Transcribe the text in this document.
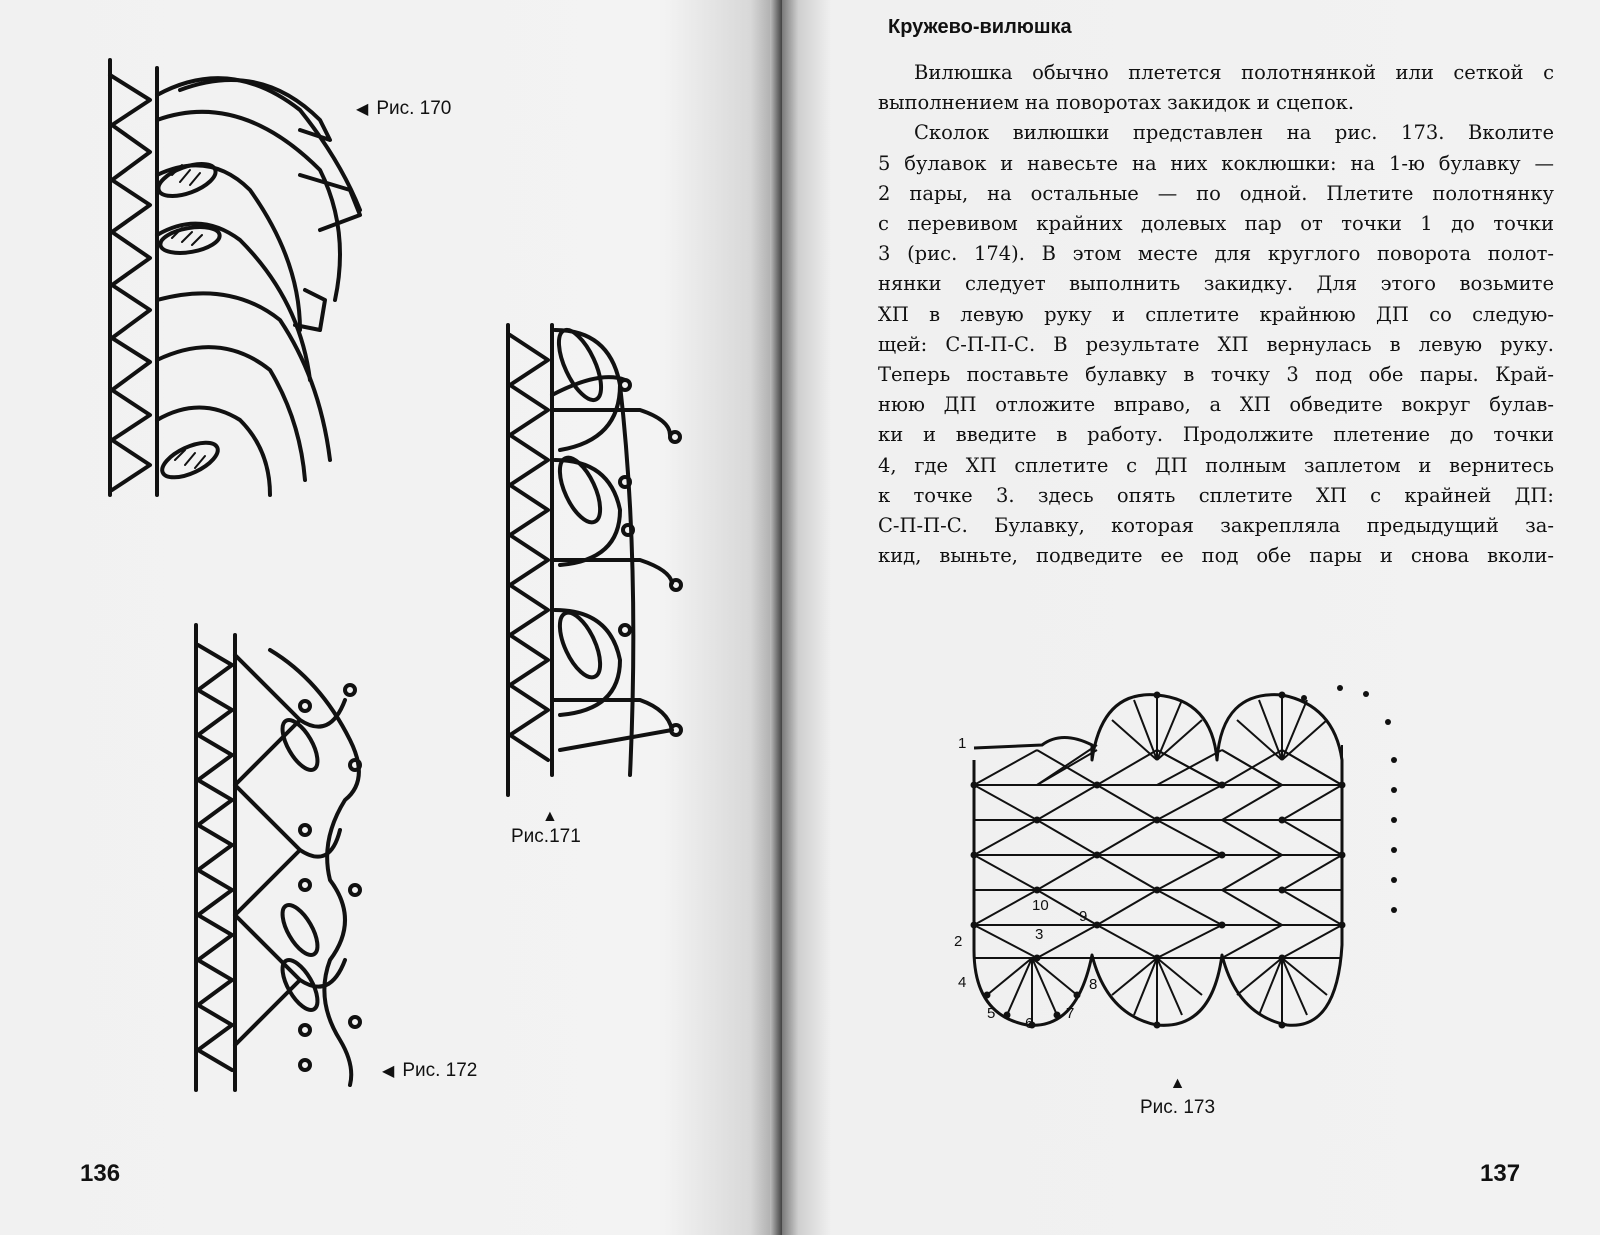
◀ Рис. 170
▲
Рис.171
◀ Рис. 172
136
Кружево-вилюшка
Вилюшка обычно плетется полотнянкой или сеткой с
выполнением на поворотах закидок и сцепок.
Сколок вилюшки представлен на рис. 173. Вколите
5 булавок и навесьте на них коклюшки: на 1-ю булавку —
2 пары, на остальные — по одной. Плетите полотнянку
с перевивом крайних долевых пар от точки 1 до точки
3 (рис. 174). В этом месте для круглого поворота полот-
нянки следует выполнить закидку. Для этого возьмите
ХП в левую руку и сплетите крайнюю ДП со следую-
щей: С-П-П-С. В результате ХП вернулась в левую руку.
Теперь поставьте булавку в точку 3 под обе пары. Край-
нюю ДП отложите вправо, а ХП обведите вокруг булав-
ки и введите в работу. Продолжите плетение до точки
4, где ХП сплетите с ДП полным заплетом и вернитесь
к точке 3. здесь опять сплетите ХП с крайней ДП:
С-П-П-С. Булавку, которая закрепляла предыдущий за-
кид, выньте, подведите ее под обе пары и снова вколи-
1
2	3
4
5
6
7
8
9
10
▲
Рис. 173
137
